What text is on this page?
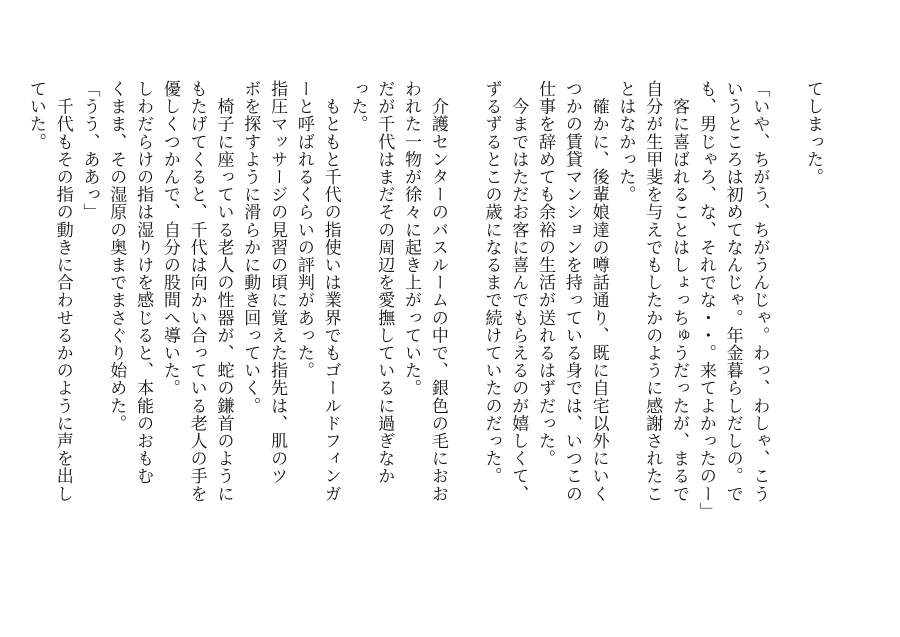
てしまった。
「いや、ちがう、ちがうんじゃ。わっ、わしゃ、こう
いうところは初めてなんじゃ。年金暮らしだしの。で
も、男じゃろ、な、それでな・・。来てよかったのー」
　客に喜ばれることはしょっちゅうだったが、まるで
自分が生甲斐を与えでもしたかのように感謝されたこ
とはなかった。
　確かに、後輩娘達の噂話通り、既に自宅以外にいく
つかの賃貸マンションを持っている身では、いつこの
仕事を辞めても余裕の生活が送れるはずだった。
　今まではただお客に喜んでもらえるのが嬉しくて、
ずるずるとこの歳になるまで続けていたのだった。
　介護センターのバスルームの中で、銀色の毛におお
われた一物が徐々に起き上がっていた。
だが千代はまだその周辺を愛撫しているに過ぎなか
った。
　もともと千代の指使いは業界でもゴールドフィンガ
ーと呼ばれるくらいの評判があった。
指圧マッサージの見習の頃に覚えた指先は、肌のツ
ボを探すように滑らかに動き回っていく。
　椅子に座っている老人の性器が、蛇の鎌首のように
もたげてくると、千代は向かい合っている老人の手を
優しくつかんで、自分の股間へ導いた。
しわだらけの指は湿りけを感じると、本能のおもむ
くまま、その湿原の奥までまさぐり始めた。
「うう、ああっ」
　千代もその指の動きに合わせるかのように声を出し
ていた。
